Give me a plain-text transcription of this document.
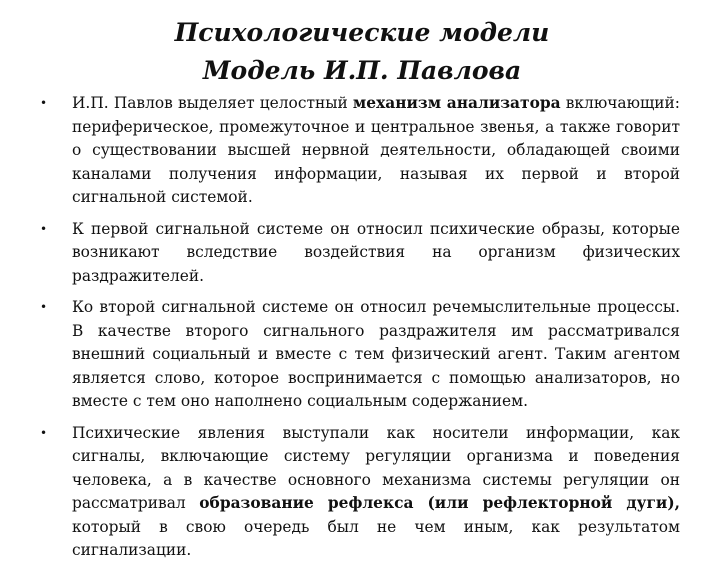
Психологические модели
Модель И.П. Павлова
• И.П. Павлов выделяет целостный механизм анализатора включающий: периферическое, промежуточное и центральное звенья, а также говорит о существовании высшей нервной деятельности, обладающей своими каналами получения информации, называя их первой и второй сигнальной системой.
• К первой сигнальной системе он относил психические образы, которые возникают вследствие воздействия на организм физических раздражителей.
• Ко второй сигнальной системе он относил речемыслительные процессы. В качестве второго сигнального раздражителя им рассматривался внешний социальный и вместе с тем физический агент. Таким агентом является слово, которое воспринимается с помощью анализаторов, но вместе с тем оно наполнено социальным содержанием.
• Психические явления выступали как носители информации, как сигналы, включающие систему регуляции организма и поведения человека, а в качестве основного механизма системы регуляции он рассматривал образование рефлекса (или рефлекторной дуги), который в свою очередь был не чем иным, как результатом сигнализации.
